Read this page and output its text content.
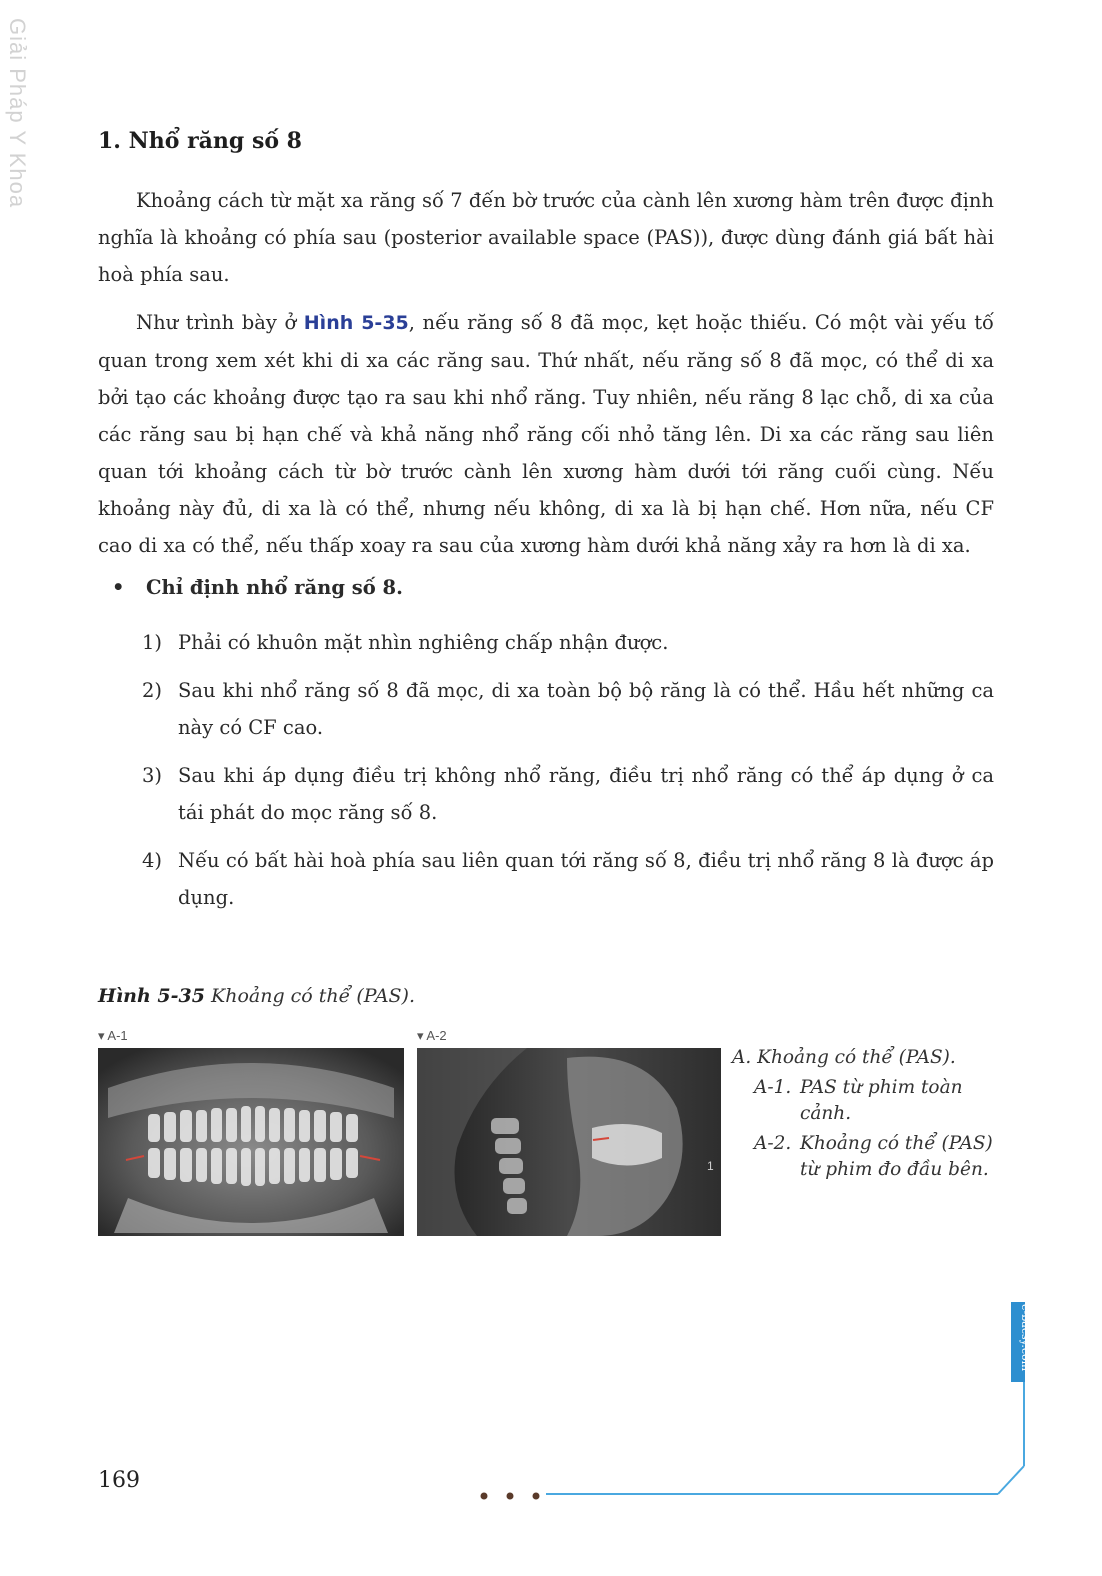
Giải Pháp Y Khoa	1. Nhổ răng số 8

Khoảng cách từ mặt xa răng số 7 đến bờ trước của cành lên xương hàm trên được định nghĩa là khoảng có phía sau (posterior available space (PAS)), được dùng đánh giá bất hài hoà phía sau.

Như trình bày ở Hình 5-35, nếu răng số 8 đã mọc, kẹt hoặc thiếu. Có một vài yếu tố quan trong xem xét khi di xa các răng sau. Thứ nhất, nếu răng số 8 đã mọc, có thể di xa bởi tạo các khoảng được tạo ra sau khi nhổ răng. Tuy nhiên, nếu răng 8 lạc chỗ, di xa của các răng sau bị hạn chế và khả năng nhổ răng cối nhỏ tăng lên. Di xa các răng sau liên quan tới khoảng cách từ bờ trước cành lên xương hàm dưới tới răng cuối cùng. Nếu khoảng này đủ, di xa là có thể, nhưng nếu không, di xa là bị hạn chế. Hơn nữa, nếu CF cao di xa có thể, nếu thấp xoay ra sau của xương hàm dưới khả năng xảy ra hơn là di xa.

• Chỉ định nhổ răng số 8.
1) Phải có khuôn mặt nhìn nghiêng chấp nhận được.
2) Sau khi nhổ răng số 8 đã mọc, di xa toàn bộ bộ răng là có thể. Hầu hết những ca này có CF cao.
3) Sau khi áp dụng điều trị không nhổ răng, điều trị nhổ răng có thể áp dụng ở ca tái phát do mọc răng số 8.
4) Nếu có bất hài hoà phía sau liên quan tới răng số 8, điều trị nhổ răng 8 là được áp dụng.
Hình 5-35 Khoảng có thể (PAS).
▾ A-1	▾ A-2
1
A. Khoảng có thể (PAS).
A-1. PAS từ phim toàn cảnh.
A-2. Khoảng có thể (PAS) từ phim đo đầu bên.
e-bacsy.com
169
